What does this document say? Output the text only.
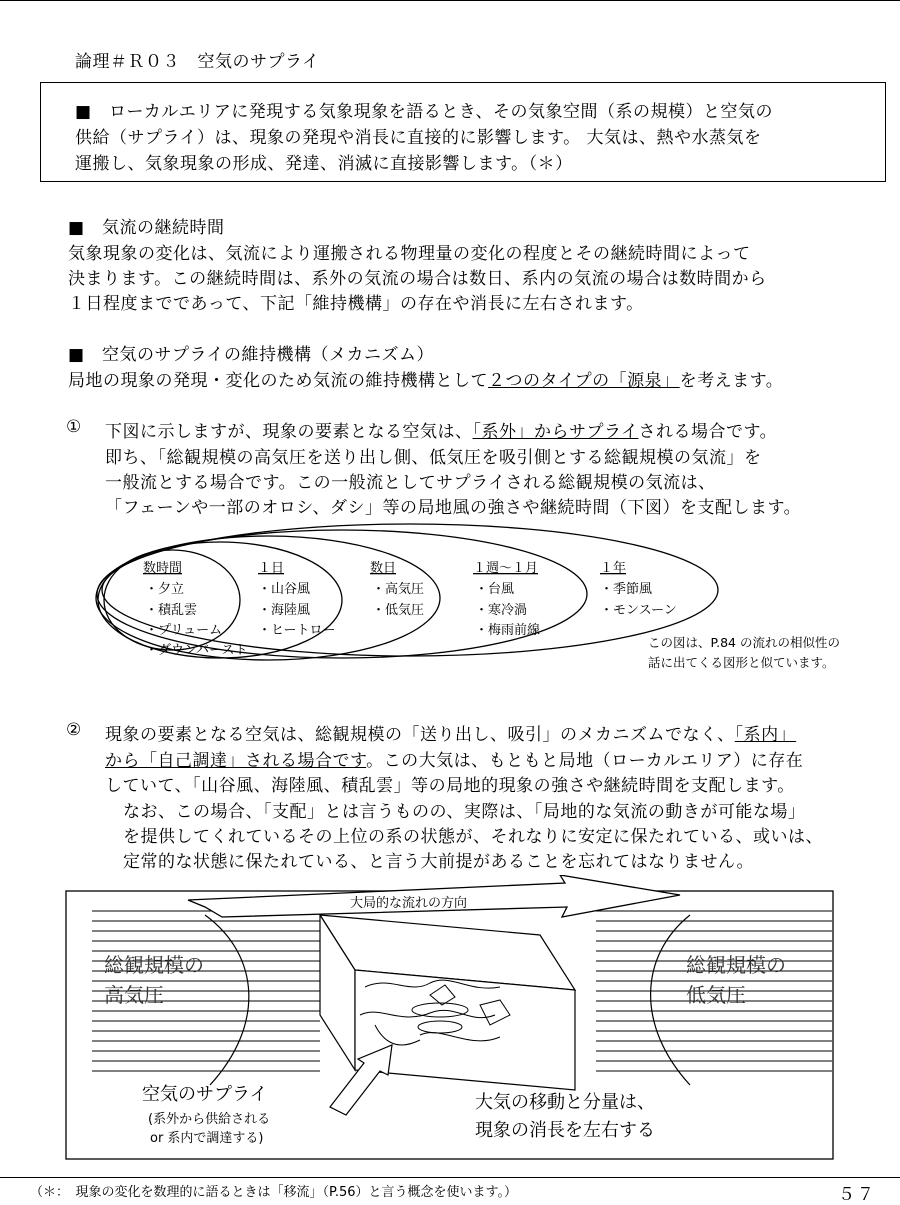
論理＃Ｒ０３　空気のサプライ
■　ローカルエリアに発現する気象現象を語るとき、その気象空間（系の規模）と空気の
供給（サプライ）は、現象の発現や消長に直接的に影響します。 大気は、熱や水蒸気を
運搬し、気象現象の形成、発達、消滅に直接影響します。（＊）
■　気流の継続時間
気象現象の変化は、気流により運搬される物理量の変化の程度とその継続時間によって
決まります。この継続時間は、系外の気流の場合は数日、系内の気流の場合は数時間から
１日程度までであって、下記「維持機構」の存在や消長に左右されます。
■　空気のサプライの維持機構（メカニズム）
局地の現象の発現・変化のため気流の維持機構として２つのタイプの「源泉」を考えます。
① 下図に示しますが、現象の要素となる空気は、「系外」からサプライされる場合です。
即ち、「総観規模の高気圧を送り出し側、低気圧を吸引側とする総観規模の気流」を
一般流とする場合です。この一般流としてサプライされる総観規模の気流は、
「フェーンや一部のオロシ、ダシ」等の局地風の強さや継続時間（下図）を支配します。
数時間
・夕立
・積乱雲
・プリューム
・ダウンバースト
１日
・山谷風
・海陸風
・ヒートロー
数日
・高気圧
・低気圧
１週～１月
・台風
・寒冷渦
・梅雨前線
１年
・季節風
・モンスーン
この図は、P.84 の流れの相似性の
話に出てくる図形と似ています。
② 現象の要素となる空気は、総観規模の「送り出し、吸引」のメカニズムでなく、「系内」
から「自己調達」される場合です。この大気は、もともと局地（ローカルエリア）に存在
していて、「山谷風、海陸風、積乱雲」等の局地的現象の強さや継続時間を支配します。
なお、この場合、「支配」とは言うものの、実際は、「局地的な気流の動きが可能な場」
を提供してくれているその上位の系の状態が、それなりに安定に保たれている、或いは、
定常的な状態に保たれている、と言う大前提があることを忘れてはなりません。
大局的な流れの方向
総観規模の
高気圧
総観規模の
低気圧
空気のサプライ
(系外から供給される
or 系内で調達する)
大気の移動と分量は、
現象の消長を左右する
（＊：　現象の変化を数理的に語るときは「移流」（P.56）と言う概念を使います。）	５７
